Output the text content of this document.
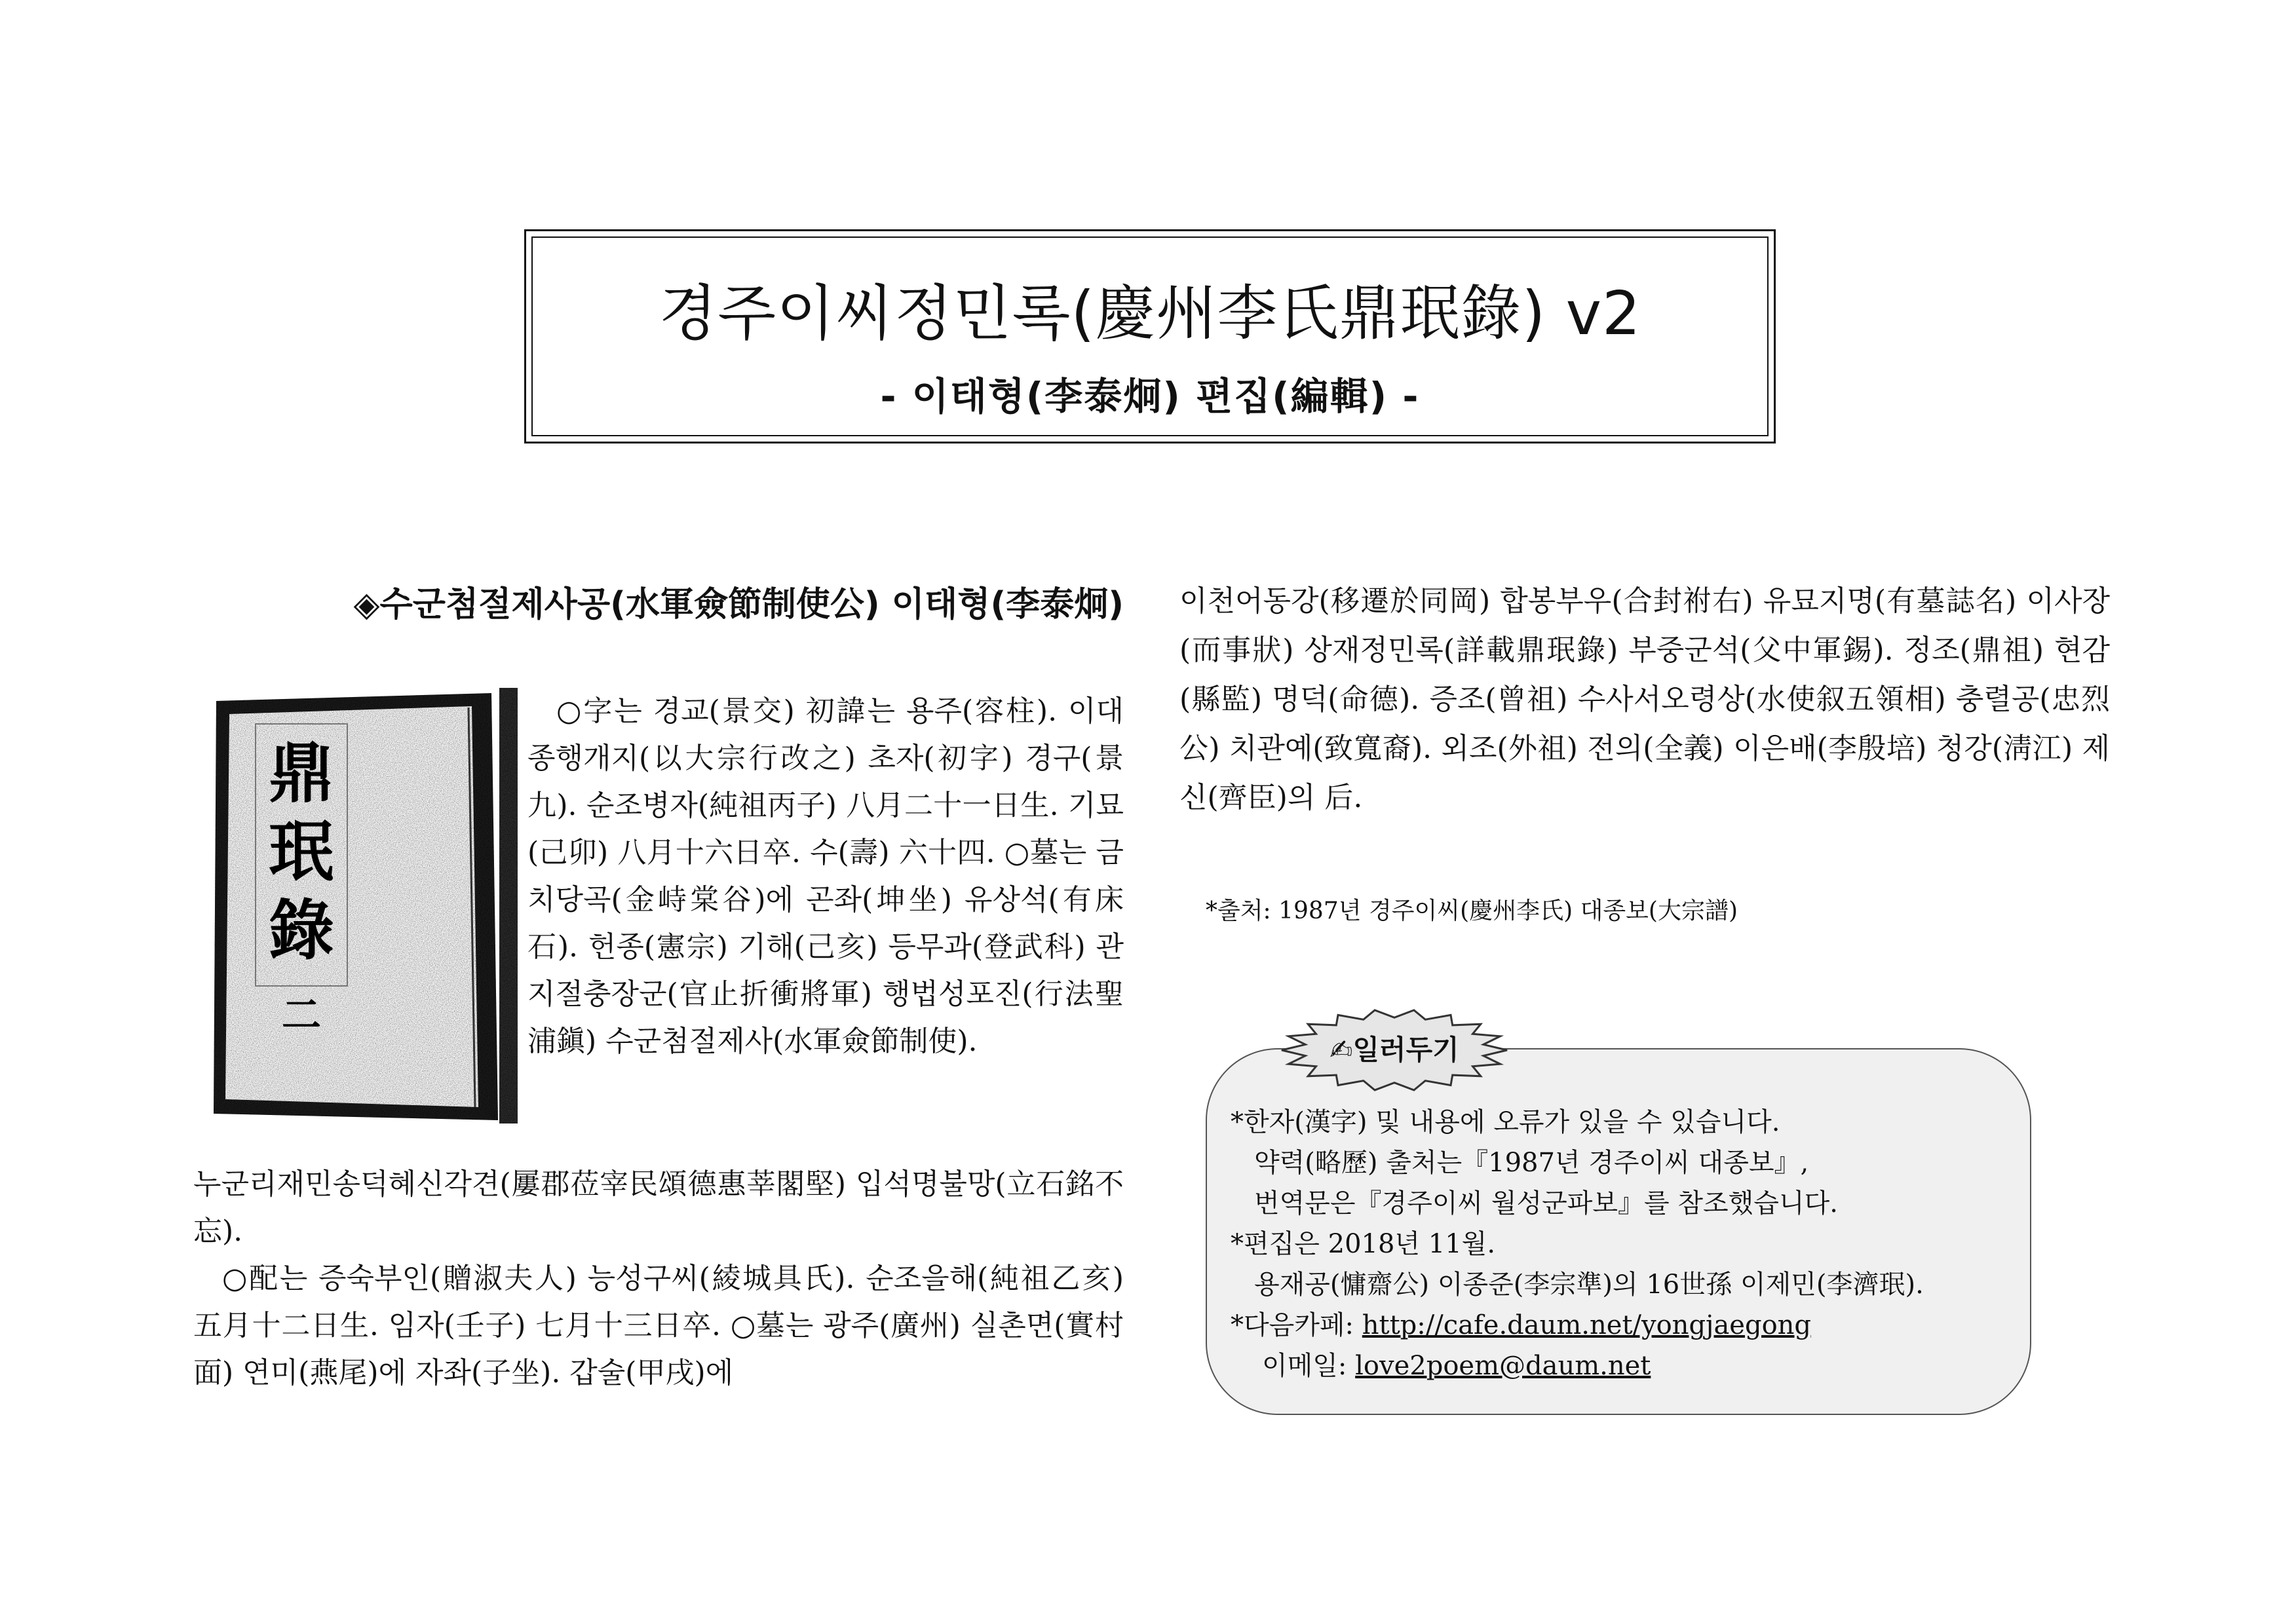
경주이씨정민록(慶州李氏鼎珉錄) v2
- 이태형(李泰炯) 편집(編輯) -
◈수군첨절제사공(水軍僉節制使公) 이태형(李泰炯)
鼎
珉
錄
二
○字는 경교(景交) 初諱는 용주(容柱). 이대종행개지(以大宗行改之) 초자(初字) 경구(景九). 순조병자(純祖丙子) 八月二十一日生. 기묘(己卯) 八月十六日卒. 수(壽) 六十四. ○墓는 금치당곡(金峙棠谷)에 곤좌(坤坐) 유상석(有床石). 헌종(憲宗) 기해(己亥) 등무과(登武科) 관지절충장군(官止折衝將軍) 행법성포진(行法聖浦鎭) 수군첨절제사(水軍僉節制使).
누군리재민송덕혜신각견(屢郡莅宰民頌德惠莘閣堅) 입석명불망(立石銘不忘).
○配는 증숙부인(贈淑夫人) 능성구씨(綾城具氏). 순조을해(純祖乙亥) 五月十二日生. 임자(壬子) 七月十三日卒. ○墓는 광주(廣州) 실촌면(實村面) 연미(燕尾)에 자좌(子坐). 갑술(甲戌)에
이천어동강(移遷於同岡) 합봉부우(合封祔右) 유묘지명(有墓誌名) 이사장(而事狀) 상재정민록(詳載鼎珉錄) 부중군석(父中軍錫). 정조(鼎祖) 현감(縣監) 명덕(命德). 증조(曾祖) 수사서오령상(水使叙五領相) 충렬공(忠烈公) 치관예(致寬裔). 외조(外祖) 전의(全義) 이은배(李殷培) 청강(淸江) 제신(齊臣)의 后.
*출처: 1987년 경주이씨(慶州李氏) 대종보(大宗譜)
✍일러두기
*한자(漢字) 및 내용에 오류가 있을 수 있습니다.
약력(略歷) 출처는『1987년 경주이씨 대종보』,
번역문은『경주이씨 월성군파보』를 참조했습니다.
*편집은 2018년 11월.
용재공(慵齋公) 이종준(李宗準)의 16世孫 이제민(李濟珉).
*다음카페: http://cafe.daum.net/yongjaegong
이메일: love2poem@daum.net
